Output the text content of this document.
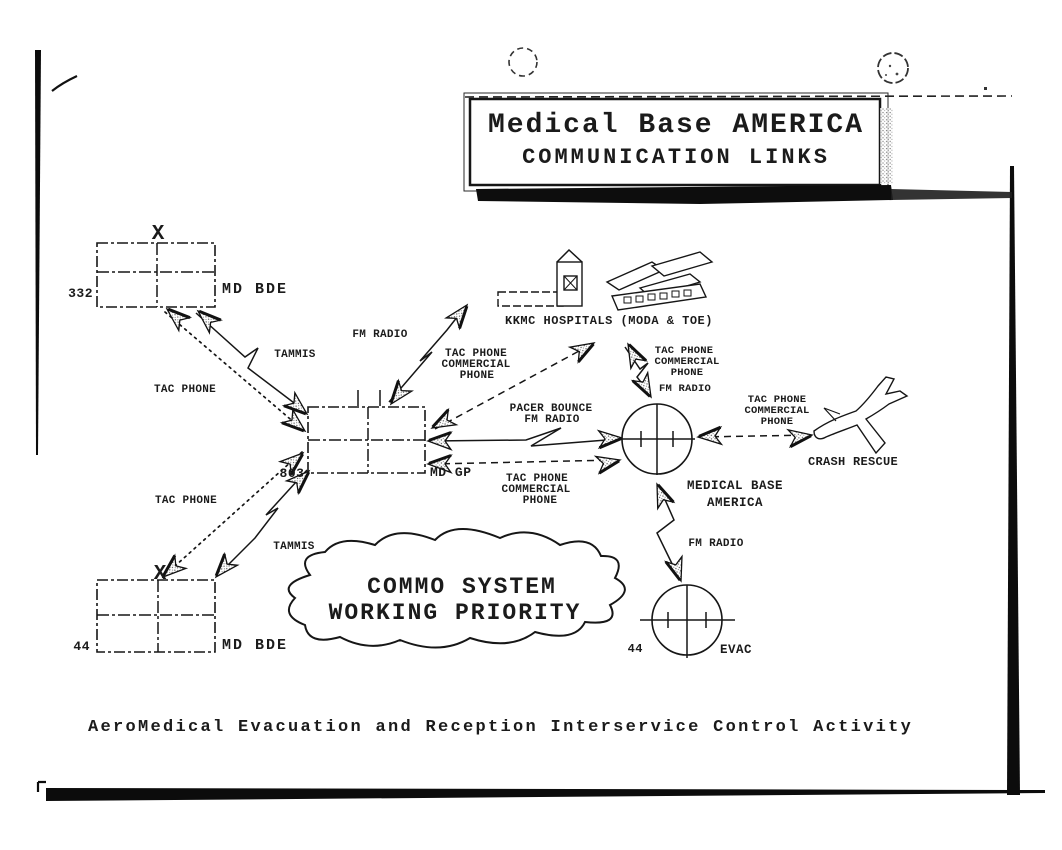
Medical Base AMERICA
COMMUNICATION LINKS
X
332	MD BDE
X
44	MD BDE
803	MD GP
KKMC HOSPITALS (MODA & TOE)
MEDICAL BASE
AMERICA
44	EVAC
CRASH RESCUE
TAC PHONE
TAMMIS
TAC PHONE
TAMMIS
FM RADIO
TAC PHONE
COMMERCIAL
PHONE
PACER BOUNCE
FM RADIO
TAC PHONE
COMMERCIAL
PHONE
TAC PHONE
COMMERCIAL
PHONE
FM RADIO
TAC PHONE
COMMERCIAL
PHONE
FM RADIO
COMMO SYSTEM
WORKING PRIORITY
AeroMedical Evacuation and Reception Interservice Control Activity
